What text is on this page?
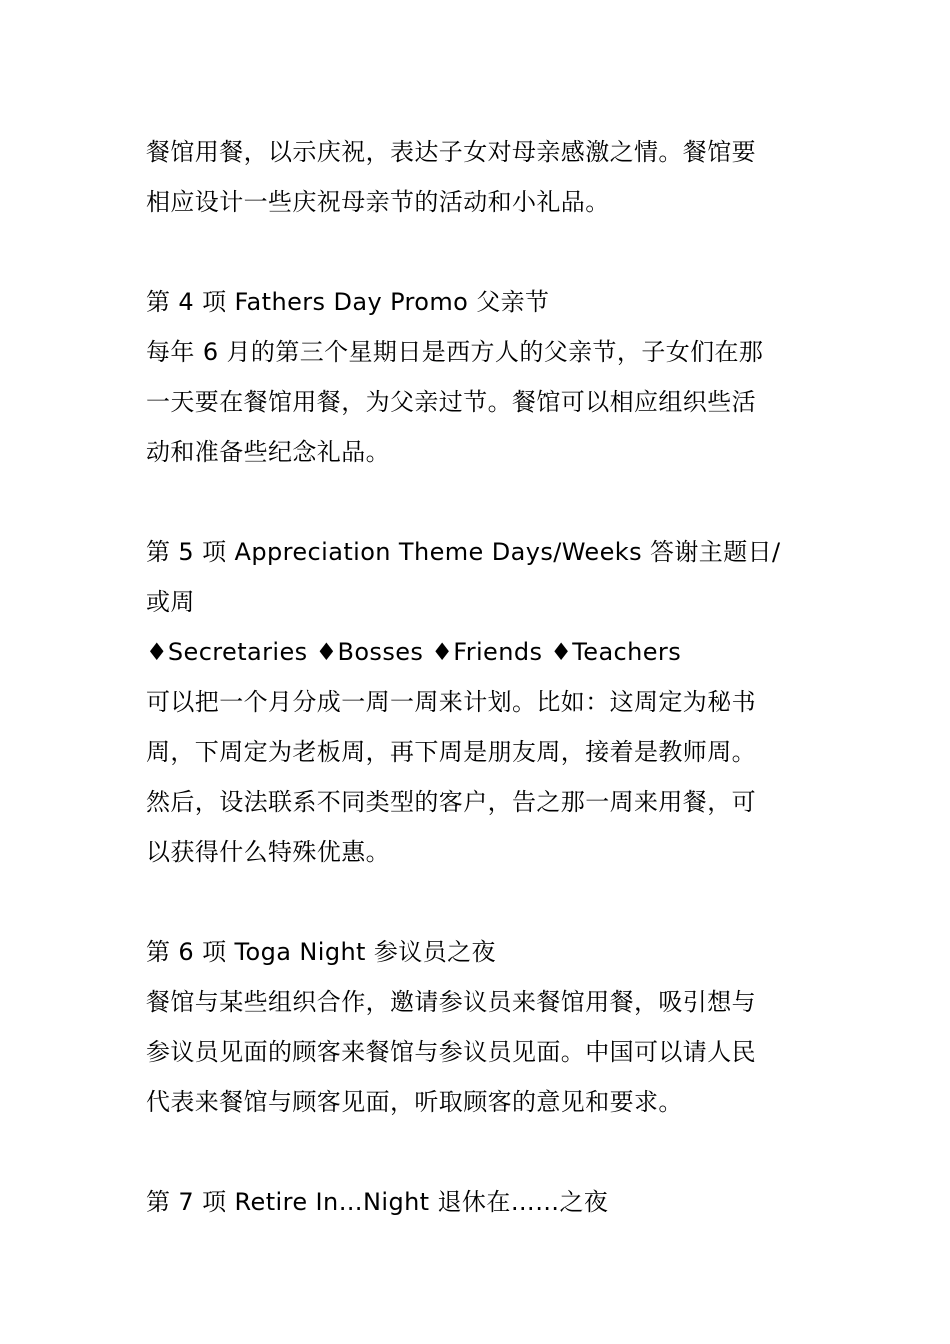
餐馆用餐，以示庆祝，表达子女对母亲感激之情。餐馆要
相应设计一些庆祝母亲节的活动和小礼品。
第 4 项 Fathers Day Promo 父亲节
每年 6 月的第三个星期日是西方人的父亲节，子女们在那
一天要在餐馆用餐，为父亲过节。餐馆可以相应组织些活
动和准备些纪念礼品。
第 5 项 Appreciation Theme Days/Weeks 答谢主题日/
或周
♦Secretaries ♦Bosses ♦Friends ♦Teachers
可以把一个月分成一周一周来计划。比如：这周定为秘书
周，下周定为老板周，再下周是朋友周，接着是教师周。
然后，设法联系不同类型的客户，告之那一周来用餐，可
以获得什么特殊优惠。
第 6 项 Toga Night 参议员之夜
餐馆与某些组织合作，邀请参议员来餐馆用餐，吸引想与
参议员见面的顾客来餐馆与参议员见面。中国可以请人民
代表来餐馆与顾客见面，听取顾客的意见和要求。
第 7 项 Retire In…Night 退休在……之夜
